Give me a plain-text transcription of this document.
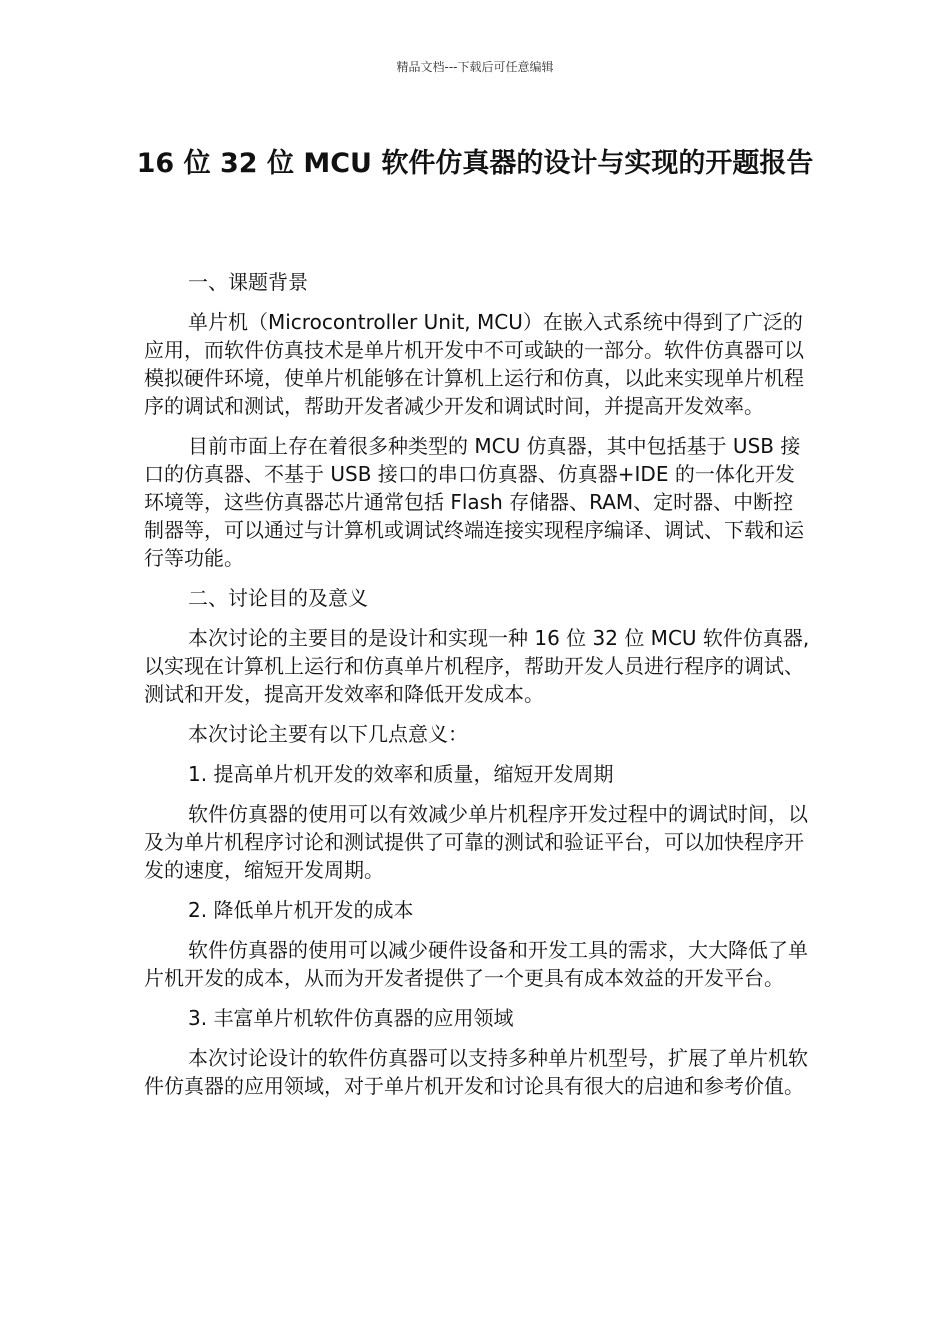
精品文档---下载后可任意编辑
16 位 32 位 MCU 软件仿真器的设计与实现的开题报告

一、课题背景

单片机（Microcontroller Unit, MCU）在嵌入式系统中得到了广泛的应用，而软件仿真技术是单片机开发中不可或缺的一部分。软件仿真器可以模拟硬件环境，使单片机能够在计算机上运行和仿真，以此来实现单片机程序的调试和测试，帮助开发者减少开发和调试时间，并提高开发效率。

目前市面上存在着很多种类型的 MCU 仿真器，其中包括基于 USB 接口的仿真器、不基于 USB 接口的串口仿真器、仿真器+IDE 的一体化开发环境等，这些仿真器芯片通常包括 Flash 存储器、RAM、定时器、中断控制器等，可以通过与计算机或调试终端连接实现程序编译、调试、下载和运行等功能。

二、讨论目的及意义

本次讨论的主要目的是设计和实现一种 16 位 32 位 MCU 软件仿真器,以实现在计算机上运行和仿真单片机程序，帮助开发人员进行程序的调试、测试和开发，提高开发效率和降低开发成本。

本次讨论主要有以下几点意义：

1. 提高单片机开发的效率和质量，缩短开发周期

软件仿真器的使用可以有效减少单片机程序开发过程中的调试时间，以及为单片机程序讨论和测试提供了可靠的测试和验证平台，可以加快程序开发的速度，缩短开发周期。

2. 降低单片机开发的成本

软件仿真器的使用可以减少硬件设备和开发工具的需求，大大降低了单片机开发的成本，从而为开发者提供了一个更具有成本效益的开发平台。

3. 丰富单片机软件仿真器的应用领域

本次讨论设计的软件仿真器可以支持多种单片机型号，扩展了单片机软件仿真器的应用领域，对于单片机开发和讨论具有很大的启迪和参考价值。
